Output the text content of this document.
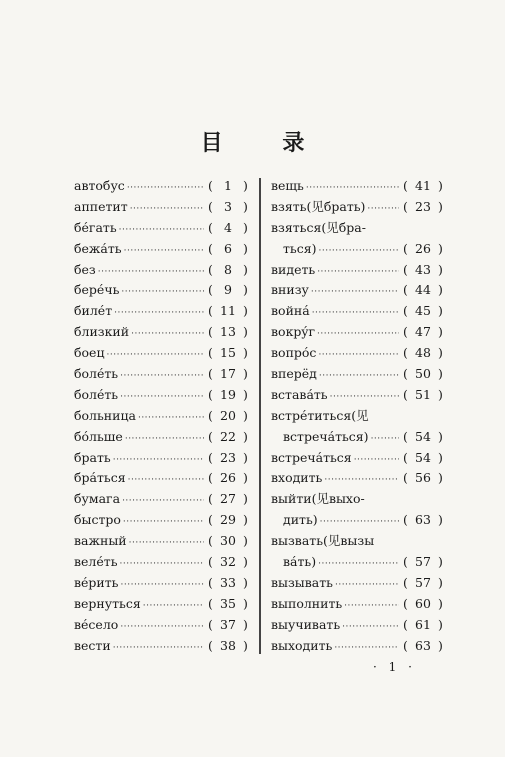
目 录
автобус ·····	( 1 )
аппетит ·····	( 3 )
бéгать ·····	( 4 )
бежáть ·····	( 6 )
без ·····	( 8 )
берéчь ·····	( 9 )
билéт ·····	( 11 )
близкий ·····	( 13 )
боец ·····	( 15 )
болéть ·····	( 17 )
болéть ·····	( 19 )
больница ·····	( 20 )
бóльше ·····	( 22 )
брать ·····	( 23 )
брáться ·····	( 26 )
бумага ·····	( 27 )
быстро ·····	( 29 )
важный ·····	( 30 )
велéть ·····	( 32 )
вéрить ·····	( 33 )
вернуться ·····	( 35 )
вéсело ·····	( 37 )
вести ·····	( 38 )
вещь ·····	( 41 )
взять(见брать) ·····	( 23 )
взяться(见бра-
ться) ·····	( 26 )
видеть ·····	( 43 )
внизу ·····	( 44 )
войнá ·····	( 45 )
вокрýг ·····	( 47 )
вопрóс ·····	( 48 )
вперёд ·····	( 50 )
вставáть ·····	( 51 )
встрéтиться(见
встречáться) ·····	( 54 )
встречáться ·····	( 54 )
входить ·····	( 56 )
выйти(见выхо-
дить) ·····	( 63 )
вызвать(见вызы
вáть) ·····	( 57 )
вызывать ·····	( 57 )
выполнить ·····	( 60 )
выучивать ·····	( 61 )
выходить ·····	( 63 )
· 1 ·
